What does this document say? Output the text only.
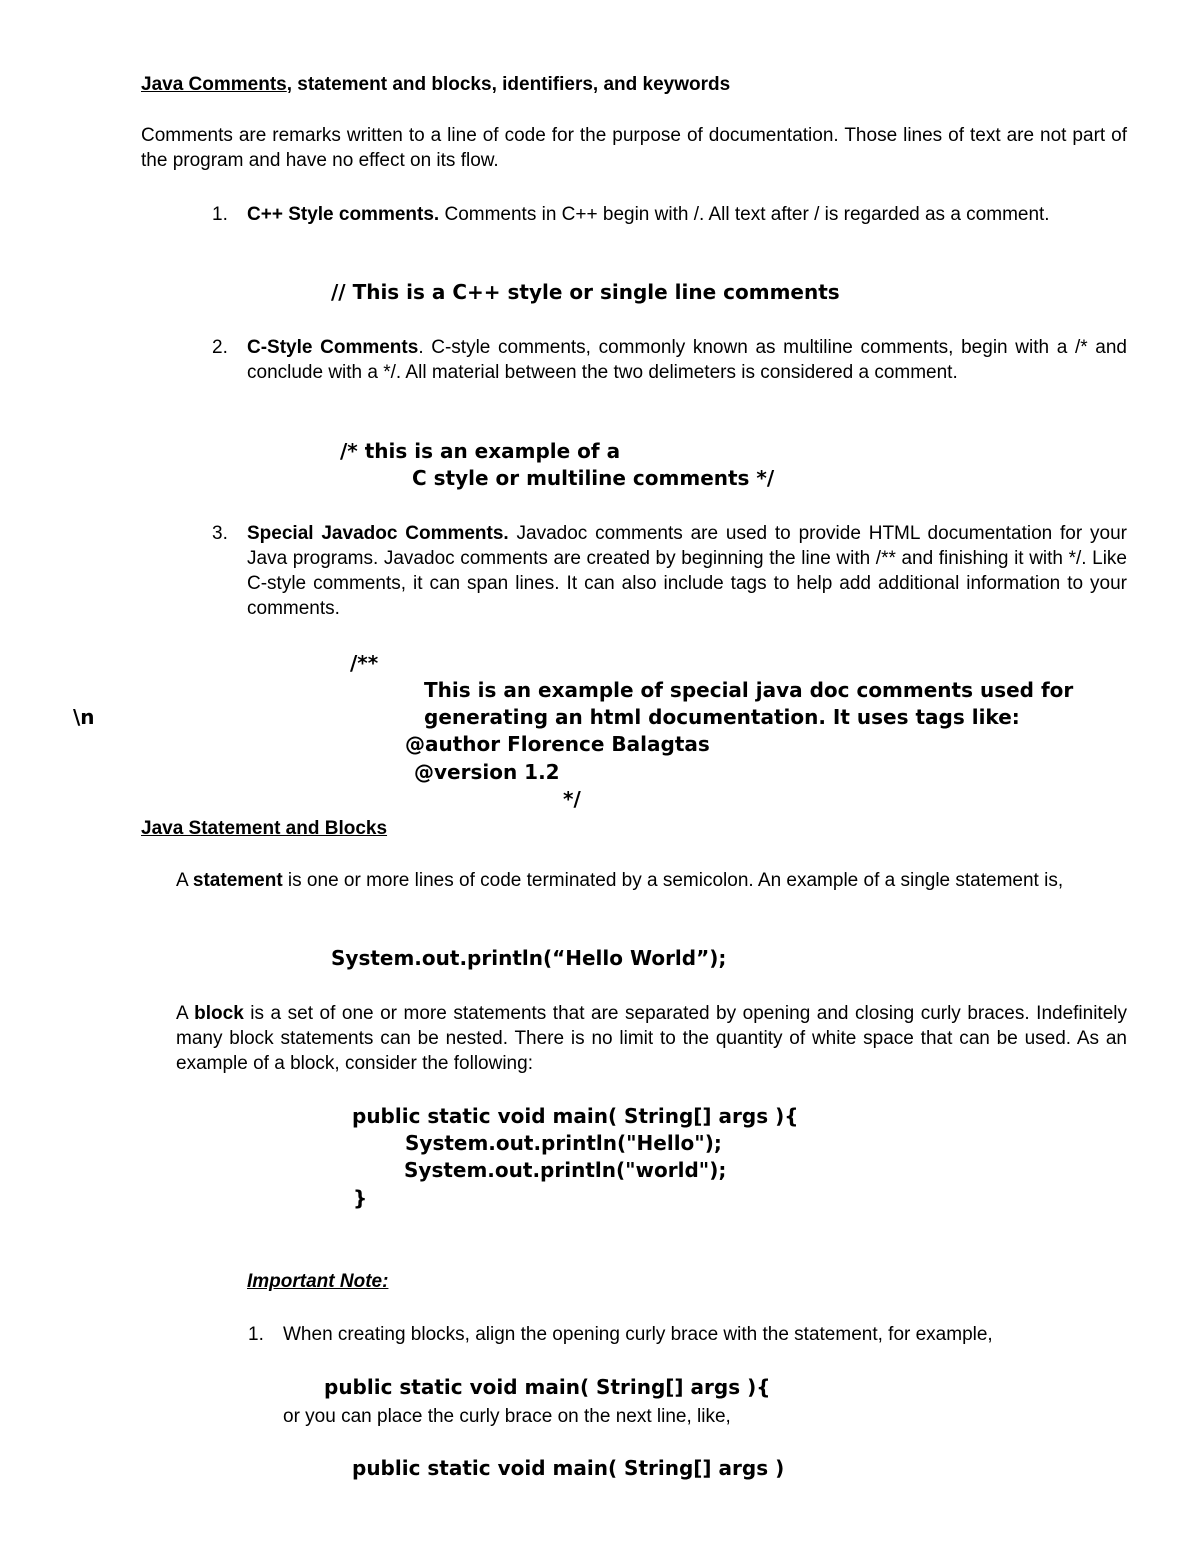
Java Comments, statement and blocks, identifiers, and keywords
Comments are remarks written to a line of code for the purpose of documentation. Those lines of text are not part of the program and have no effect on its flow.
1. C++ Style comments. Comments in C++ begin with /. All text after / is regarded as a comment.
// This is a C++ style or single line comments
2. C-Style Comments. C-style comments, commonly known as multiline comments, begin with a /* and conclude with a */. All material between the two delimeters is considered a comment.
/* this is an example of a
C style or multiline comments */
3. Special Javadoc Comments. Javadoc comments are used to provide HTML documentation for your Java programs. Javadoc comments are created by beginning the line with /** and finishing it with */. Like C-style comments, it can span lines. It can also include tags to help add additional information to your comments.
/**
This is an example of special java doc comments used for
\n	generating an html documentation. It uses tags like:
@author Florence Balagtas
@version 1.2
*/
Java Statement and Blocks
A statement is one or more lines of code terminated by a semicolon. An example of a single statement is,
System.out.println(“Hello World”);
A block is a set of one or more statements that are separated by opening and closing curly braces. Indefinitely many block statements can be nested. There is no limit to the quantity of white space that can be used. As an example of a block, consider the following:
public static void main( String[] args ){
System.out.println("Hello");
System.out.println("world");
}
Important Note:
1. When creating blocks, align the opening curly brace with the statement, for example,
public static void main( String[] args ){
or you can place the curly brace on the next line, like,
public static void main( String[] args )
